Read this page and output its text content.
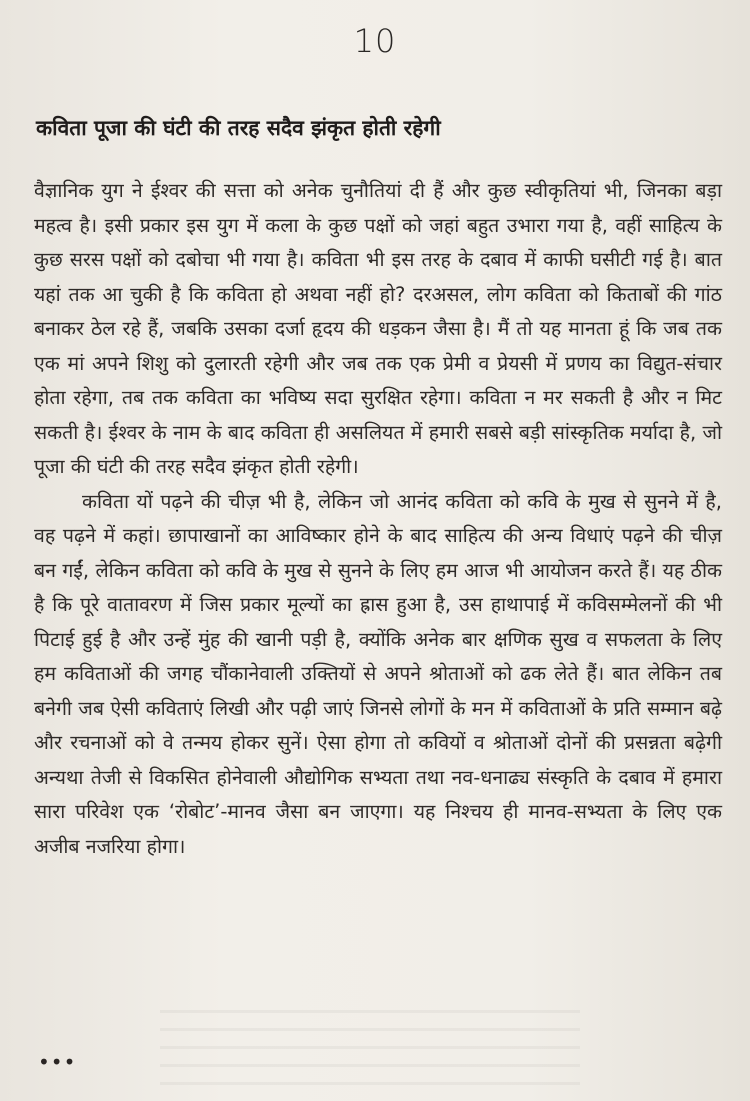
10
कविता पूजा की घंटी की तरह सदैव झंकृत होती रहेगी

वैज्ञानिक युग ने ईश्वर की सत्ता को अनेक चुनौतियां दी हैं और कुछ स्वीकृतियां भी, जिनका बड़ा महत्व है। इसी प्रकार इस युग में कला के कुछ पक्षों को जहां बहुत उभारा गया है, वहीं साहित्य के कुछ सरस पक्षों को दबोचा भी गया है। कविता भी इस तरह के दबाव में काफी घसीटी गई है। बात यहां तक आ चुकी है कि कविता हो अथवा नहीं हो? दरअसल, लोग कविता को किताबों की गांठ बनाकर ठेल रहे हैं, जबकि उसका दर्जा हृदय की धड़कन जैसा है। मैं तो यह मानता हूं कि जब तक एक मां अपने शिशु को दुलारती रहेगी और जब तक एक प्रेमी व प्रेयसी में प्रणय का विद्युत-संचार होता रहेगा, तब तक कविता का भविष्य सदा सुरक्षित रहेगा। कविता न मर सकती है और न मिट सकती है। ईश्वर के नाम के बाद कविता ही असलियत में हमारी सबसे बड़ी सांस्कृतिक मर्यादा है, जो पूजा की घंटी की तरह सदैव झंकृत होती रहेगी।

कविता यों पढ़ने की चीज़ भी है, लेकिन जो आनंद कविता को कवि के मुख से सुनने में है, वह पढ़ने में कहां। छापाखानों का आविष्कार होने के बाद साहित्य की अन्य विधाएं पढ़ने की चीज़ बन गईं, लेकिन कविता को कवि के मुख से सुनने के लिए हम आज भी आयोजन करते हैं। यह ठीक है कि पूरे वातावरण में जिस प्रकार मूल्यों का ह्रास हुआ है, उस हाथापाई में कविसम्मेलनों की भी पिटाई हुई है और उन्हें मुंह की खानी पड़ी है, क्योंकि अनेक बार क्षणिक सुख व सफलता के लिए हम कविताओं की जगह चौंकानेवाली उक्तियों से अपने श्रोताओं को ढक लेते हैं। बात लेकिन तब बनेगी जब ऐसी कविताएं लिखी और पढ़ी जाएं जिनसे लोगों के मन में कविताओं के प्रति सम्मान बढ़े और रचनाओं को वे तन्मय होकर सुनें। ऐसा होगा तो कवियों व श्रोताओं दोनों की प्रसन्नता बढ़ेगी अन्यथा तेजी से विकसित होनेवाली औद्योगिक सभ्यता तथा नव-धनाढ्य संस्कृति के दबाव में हमारा सारा परिवेश एक ‘रोबोट’-मानव जैसा बन जाएगा। यह निश्चय ही मानव-सभ्यता के लिए एक अजीब नजरिया होगा।

•••
